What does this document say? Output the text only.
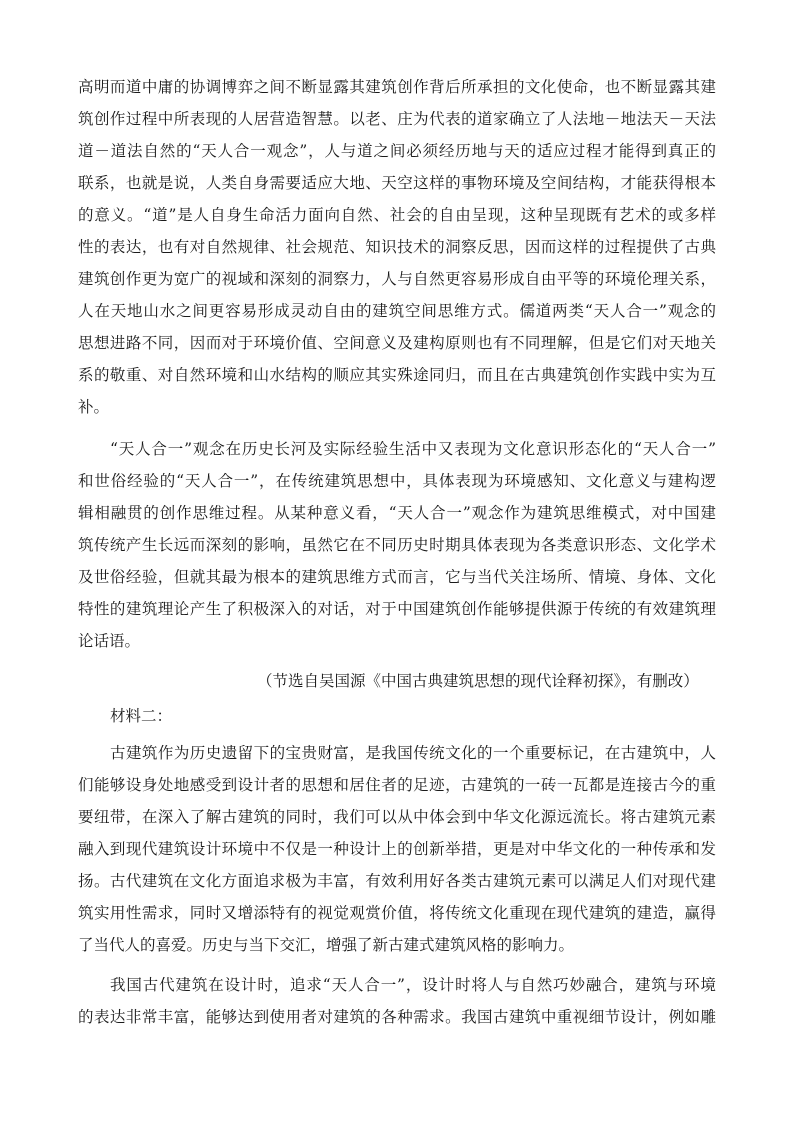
高明而道中庸的协调博弈之间不断显露其建筑创作背后所承担的文化使命，也不断显露其建
筑创作过程中所表现的人居营造智慧。以老、庄为代表的道家确立了人法地－地法天－天法
道－道法自然的“天人合一观念”，人与道之间必须经历地与天的适应过程才能得到真正的
联系，也就是说，人类自身需要适应大地、天空这样的事物环境及空间结构，才能获得根本
的意义。“道”是人自身生命活力面向自然、社会的自由呈现，这种呈现既有艺术的或多样
性的表达，也有对自然规律、社会规范、知识技术的洞察反思，因而这样的过程提供了古典
建筑创作更为宽广的视域和深刻的洞察力，人与自然更容易形成自由平等的环境伦理关系，
人在天地山水之间更容易形成灵动自由的建筑空间思维方式。儒道两类“天人合一”观念的
思想进路不同，因而对于环境价值、空间意义及建构原则也有不同理解，但是它们对天地关
系的敬重、对自然环境和山水结构的顺应其实殊途同归，而且在古典建筑创作实践中实为互
补。
“天人合一”观念在历史长河及实际经验生活中又表现为文化意识形态化的“天人合一”
和世俗经验的“天人合一”，在传统建筑思想中，具体表现为环境感知、文化意义与建构逻
辑相融贯的创作思维过程。从某种意义看，“天人合一”观念作为建筑思维模式，对中国建
筑传统产生长远而深刻的影响，虽然它在不同历史时期具体表现为各类意识形态、文化学术
及世俗经验，但就其最为根本的建筑思维方式而言，它与当代关注场所、情境、身体、文化
特性的建筑理论产生了积极深入的对话，对于中国建筑创作能够提供源于传统的有效建筑理
论话语。
（节选自吴国源《中国古典建筑思想的现代诠释初探》，有删改）
材料二：
古建筑作为历史遗留下的宝贵财富，是我国传统文化的一个重要标记，在古建筑中，人
们能够设身处地感受到设计者的思想和居住者的足迹，古建筑的一砖一瓦都是连接古今的重
要纽带，在深入了解古建筑的同时，我们可以从中体会到中华文化源远流长。将古建筑元素
融入到现代建筑设计环境中不仅是一种设计上的创新举措，更是对中华文化的一种传承和发
扬。古代建筑在文化方面追求极为丰富，有效利用好各类古建筑元素可以满足人们对现代建
筑实用性需求，同时又增添特有的视觉观赏价值，将传统文化重现在现代建筑的建造，赢得
了当代人的喜爱。历史与当下交汇，增强了新古建式建筑风格的影响力。
我国古代建筑在设计时，追求“天人合一”，设计时将人与自然巧妙融合，建筑与环境
的表达非常丰富，能够达到使用者对建筑的各种需求。我国古建筑中重视细节设计，例如雕
